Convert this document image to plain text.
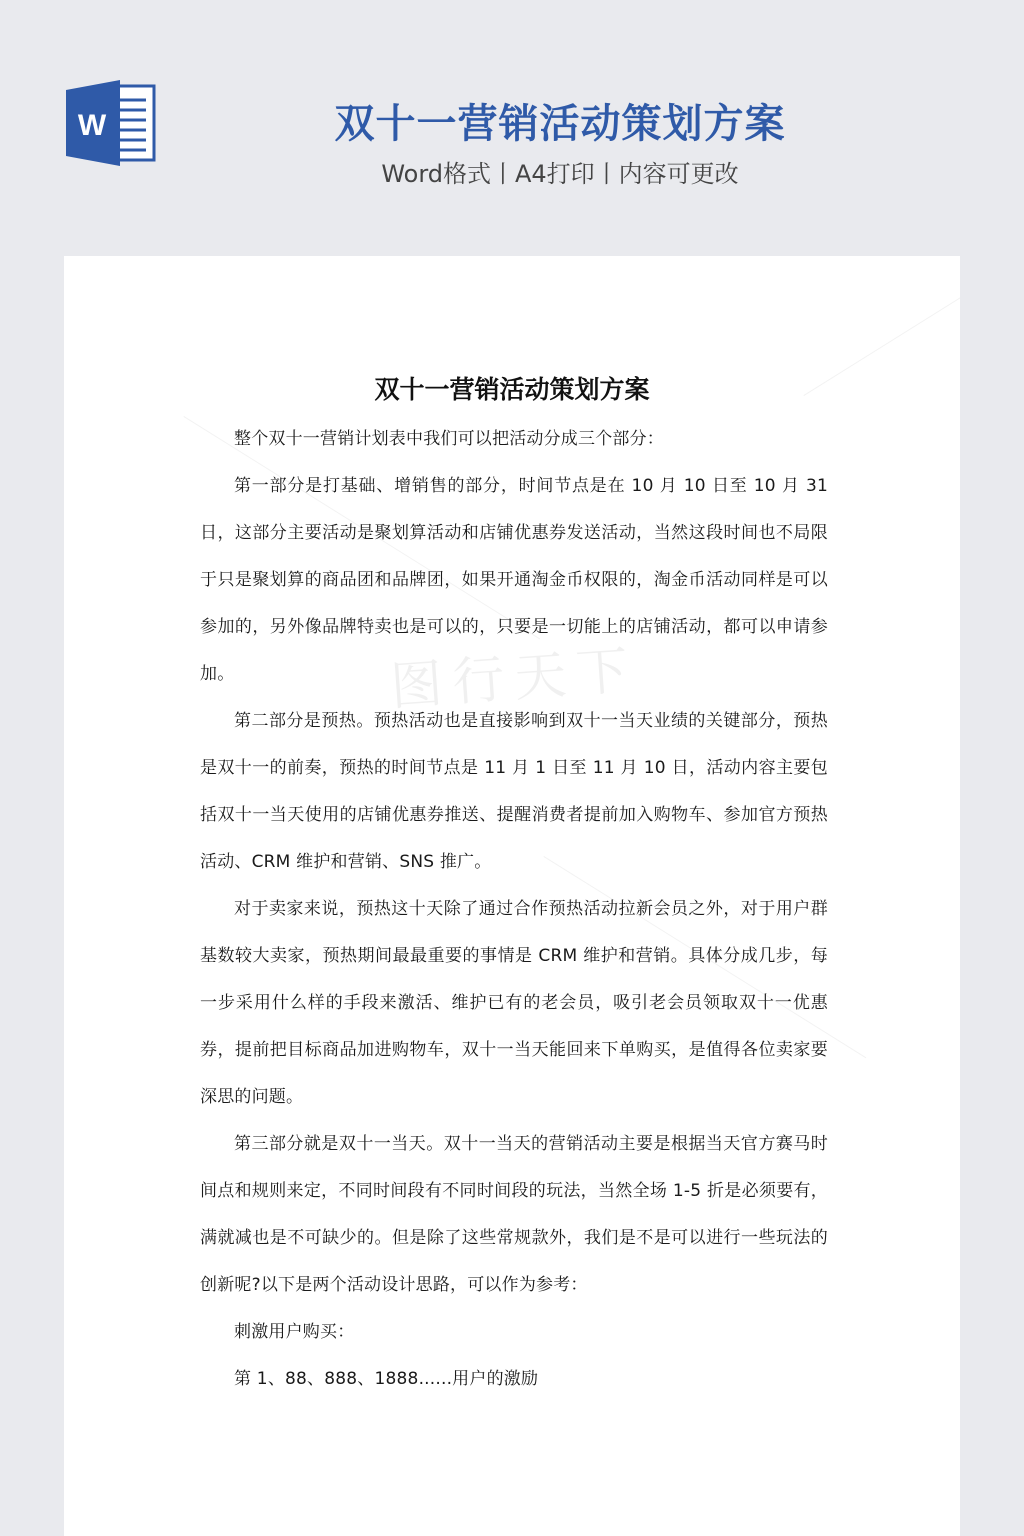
W	双十一营销活动策划方案
Word格式丨A4打印丨内容可更改
图行天下
双十一营销活动策划方案

整个双十一营销计划表中我们可以把活动分成三个部分：

第一部分是打基础、增销售的部分，时间节点是在 10 月 10 日至 10 月 31 日，这部分主要活动是聚划算活动和店铺优惠券发送活动，当然这段时间也不局限于只是聚划算的商品团和品牌团，如果开通淘金币权限的，淘金币活动同样是可以参加的，另外像品牌特卖也是可以的，只要是一切能上的店铺活动，都可以申请参加。

第二部分是预热。预热活动也是直接影响到双十一当天业绩的关键部分，预热是双十一的前奏，预热的时间节点是 11 月 1 日至 11 月 10 日，活动内容主要包括双十一当天使用的店铺优惠券推送、提醒消费者提前加入购物车、参加官方预热活动、CRM 维护和营销、SNS 推广。

对于卖家来说，预热这十天除了通过合作预热活动拉新会员之外，对于用户群基数较大卖家，预热期间最最重要的事情是 CRM 维护和营销。具体分成几步，每一步采用什么样的手段来激活、维护已有的老会员，吸引老会员领取双十一优惠券，提前把目标商品加进购物车，双十一当天能回来下单购买，是值得各位卖家要深思的问题。

第三部分就是双十一当天。双十一当天的营销活动主要是根据当天官方赛马时间点和规则来定，不同时间段有不同时间段的玩法，当然全场 1-5 折是必须要有，满就减也是不可缺少的。但是除了这些常规款外，我们是不是可以进行一些玩法的创新呢?以下是两个活动设计思路，可以作为参考：

刺激用户购买：

第 1、88、888、1888......用户的激励
